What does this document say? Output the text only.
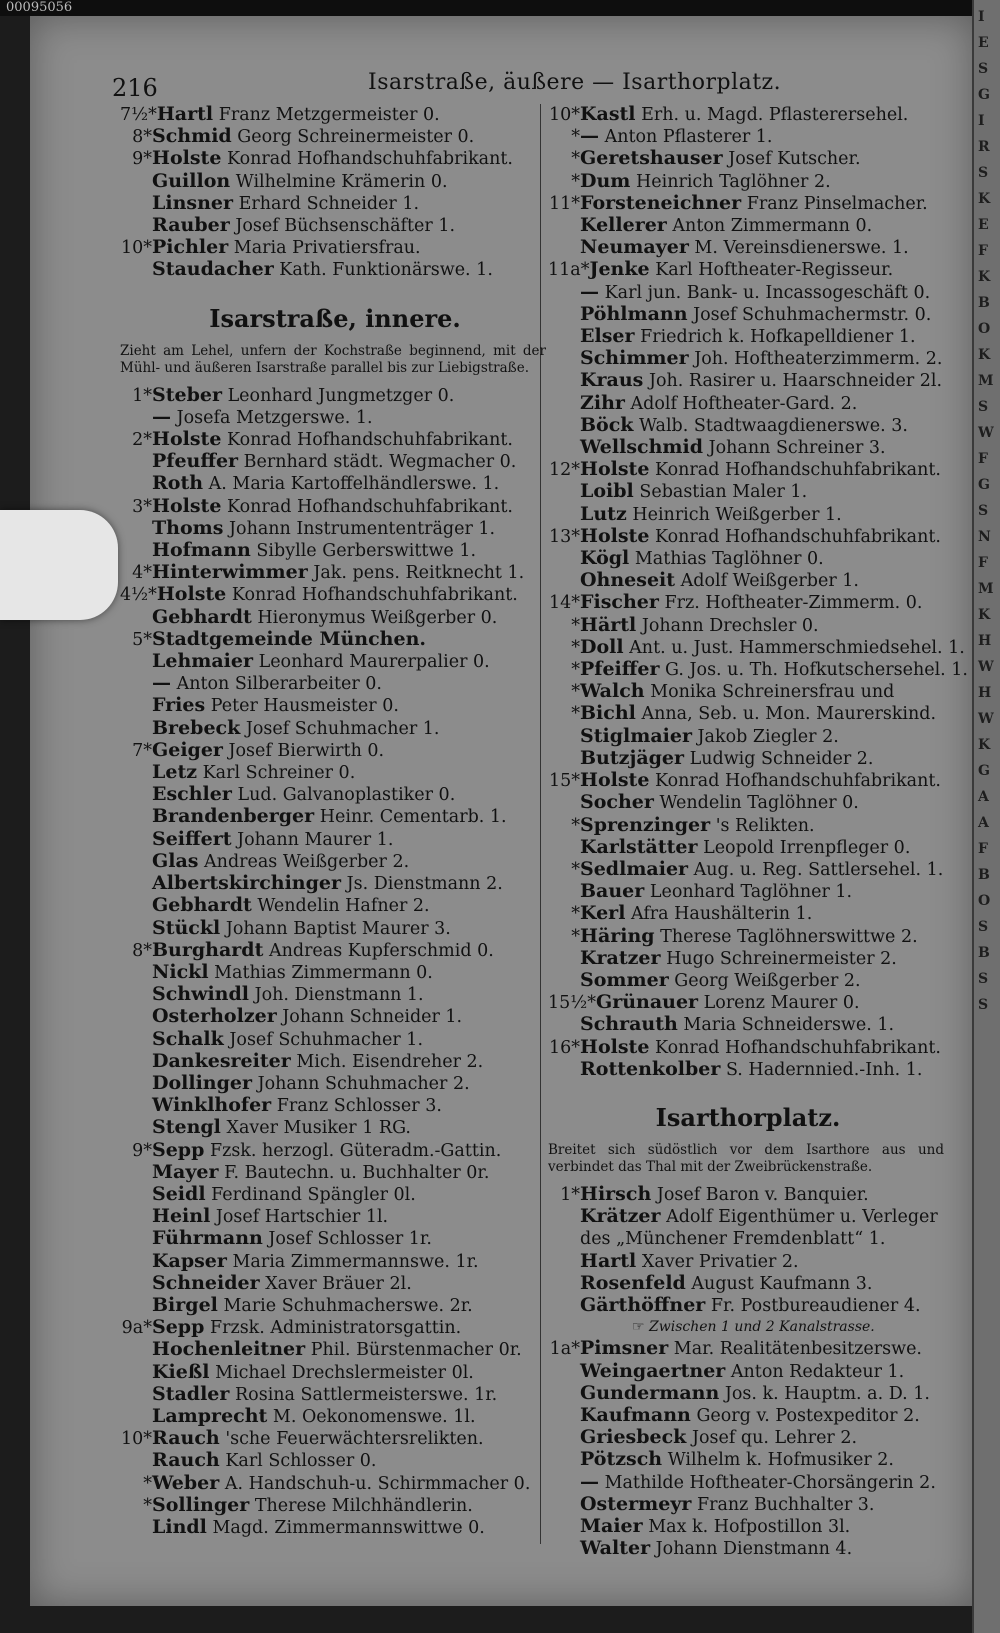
00095056
I
E
S
G
I
R
S
K
E
F
K
B
O
K
M
S
W
F
G
S
N
F
M
K
H
W
H
W
K
G
A
A
F
B
O
S
B
S
S
216	Isarstraße, äußere — Isarthorplatz.
7½*Hartl Franz Metzgermeister 0.
8*Schmid Georg Schreinermeister 0.
9*Holste Konrad Hofhandschuhfabrikant.
Guillon Wilhelmine Krämerin 0.
Linsner Erhard Schneider 1.
Rauber Josef Büchsenschäfter 1.
10*Pichler Maria Privatiersfrau.
Staudacher Kath. Funktionärswe. 1.
Isarstraße, innere.

Zieht am Lehel, unfern der Kochstraße beginnend, mit der Mühl- und äußeren Isarstraße parallel bis zur Liebigstraße.

1*Steber Leonhard Jungmetzger 0.
— Josefa Metzgerswe. 1.
2*Holste Konrad Hofhandschuhfabrikant.
Pfeuffer Bernhard städt. Wegmacher 0.
Roth A. Maria Kartoffelhändlerswe. 1.
3*Holste Konrad Hofhandschuhfabrikant.
Thoms Johann Instrumententräger 1.
Hofmann Sibylle Gerberswittwe 1.
4*Hinterwimmer Jak. pens. Reitknecht 1.
4½*Holste Konrad Hofhandschuhfabrikant.
Gebhardt Hieronymus Weißgerber 0.
5*Stadtgemeinde München.
Lehmaier Leonhard Maurerpalier 0.
— Anton Silberarbeiter 0.
Fries Peter Hausmeister 0.
Brebeck Josef Schuhmacher 1.
7*Geiger Josef Bierwirth 0.
Letz Karl Schreiner 0.
Eschler Lud. Galvanoplastiker 0.
Brandenberger Heinr. Cementarb. 1.
Seiffert Johann Maurer 1.
Glas Andreas Weißgerber 2.
Albertskirchinger Js. Dienstmann 2.
Gebhardt Wendelin Hafner 2.
Stückl Johann Baptist Maurer 3.
8*Burghardt Andreas Kupferschmid 0.
Nickl Mathias Zimmermann 0.
Schwindl Joh. Dienstmann 1.
Osterholzer Johann Schneider 1.
Schalk Josef Schuhmacher 1.
Dankesreiter Mich. Eisendreher 2.
Dollinger Johann Schuhmacher 2.
Winklhofer Franz Schlosser 3.
Stengl Xaver Musiker 1 RG.
9*Sepp Fzsk. herzogl. Güteradm.-Gattin.
Mayer F. Bautechn. u. Buchhalter 0r.
Seidl Ferdinand Spängler 0l.
Heinl Josef Hartschier 1l.
Führmann Josef Schlosser 1r.
Kapser Maria Zimmermannswe. 1r.
Schneider Xaver Bräuer 2l.
Birgel Marie Schuhmacherswe. 2r.
9a*Sepp Frzsk. Administratorsgattin.
Hochenleitner Phil. Bürstenmacher 0r.
Kießl Michael Drechslermeister 0l.
Stadler Rosina Sattlermeisterswe. 1r.
Lamprecht M. Oekonomenswe. 1l.
10*Rauch 'sche Feuerwächtersrelikten.
Rauch Karl Schlosser 0.
*Weber A. Handschuh-u. Schirmmacher 0.
*Sollinger Therese Milchhändlerin.
Lindl Magd. Zimmermannswittwe 0.
10*Kastl Erh. u. Magd. Pflasterersehel.
*— Anton Pflasterer 1.
*Geretshauser Josef Kutscher.
*Dum Heinrich Taglöhner 2.
11*Forsteneichner Franz Pinselmacher.
Kellerer Anton Zimmermann 0.
Neumayer M. Vereinsdienerswe. 1.
11a*Jenke Karl Hoftheater-Regisseur.
— Karl jun. Bank- u. Incassogeschäft 0.
Pöhlmann Josef Schuhmachermstr. 0.
Elser Friedrich k. Hofkapelldiener 1.
Schimmer Joh. Hoftheaterzimmerm. 2.
Kraus Joh. Rasirer u. Haarschneider 2l.
Zihr Adolf Hoftheater-Gard. 2.
Böck Walb. Stadtwaagdienerswe. 3.
Wellschmid Johann Schreiner 3.
12*Holste Konrad Hofhandschuhfabrikant.
Loibl Sebastian Maler 1.
Lutz Heinrich Weißgerber 1.
13*Holste Konrad Hofhandschuhfabrikant.
Kögl Mathias Taglöhner 0.
Ohneseit Adolf Weißgerber 1.
14*Fischer Frz. Hoftheater-Zimmerm. 0.
*Härtl Johann Drechsler 0.
*Doll Ant. u. Just. Hammerschmiedsehel. 1.
*Pfeiffer G. Jos. u. Th. Hofkutschersehel. 1.
*Walch Monika Schreinersfrau und
*Bichl Anna, Seb. u. Mon. Maurerskind.
Stiglmaier Jakob Ziegler 2.
Butzjäger Ludwig Schneider 2.
15*Holste Konrad Hofhandschuhfabrikant.
Socher Wendelin Taglöhner 0.
*Sprenzinger 's Relikten.
Karlstätter Leopold Irrenpfleger 0.
*Sedlmaier Aug. u. Reg. Sattlersehel. 1.
Bauer Leonhard Taglöhner 1.
*Kerl Afra Haushälterin 1.
*Häring Therese Taglöhnerswittwe 2.
Kratzer Hugo Schreinermeister 2.
Sommer Georg Weißgerber 2.
15½*Grünauer Lorenz Maurer 0.
Schrauth Maria Schneiderswe. 1.
16*Holste Konrad Hofhandschuhfabrikant.
Rottenkolber S. Hadernnied.-Inh. 1.
Isarthorplatz.

Breitet sich südöstlich vor dem Isarthore aus und verbindet das Thal mit der Zweibrückenstraße.

1*Hirsch Josef Baron v. Banquier.
Krätzer Adolf Eigenthümer u. Verleger
des „Münchener Fremdenblatt“ 1.
Hartl Xaver Privatier 2.
Rosenfeld August Kaufmann 3.
Gärthöffner Fr. Postbureaudiener 4.
☞ Zwischen 1 und 2 Kanalstrasse.
1a*Pimsner Mar. Realitätenbesitzerswe.
Weingaertner Anton Redakteur 1.
Gundermann Jos. k. Hauptm. a. D. 1.
Kaufmann Georg v. Postexpeditor 2.
Griesbeck Josef qu. Lehrer 2.
Pötzsch Wilhelm k. Hofmusiker 2.
— Mathilde Hoftheater-Chorsängerin 2.
Ostermeyr Franz Buchhalter 3.
Maier Max k. Hofpostillon 3l.
Walter Johann Dienstmann 4.
